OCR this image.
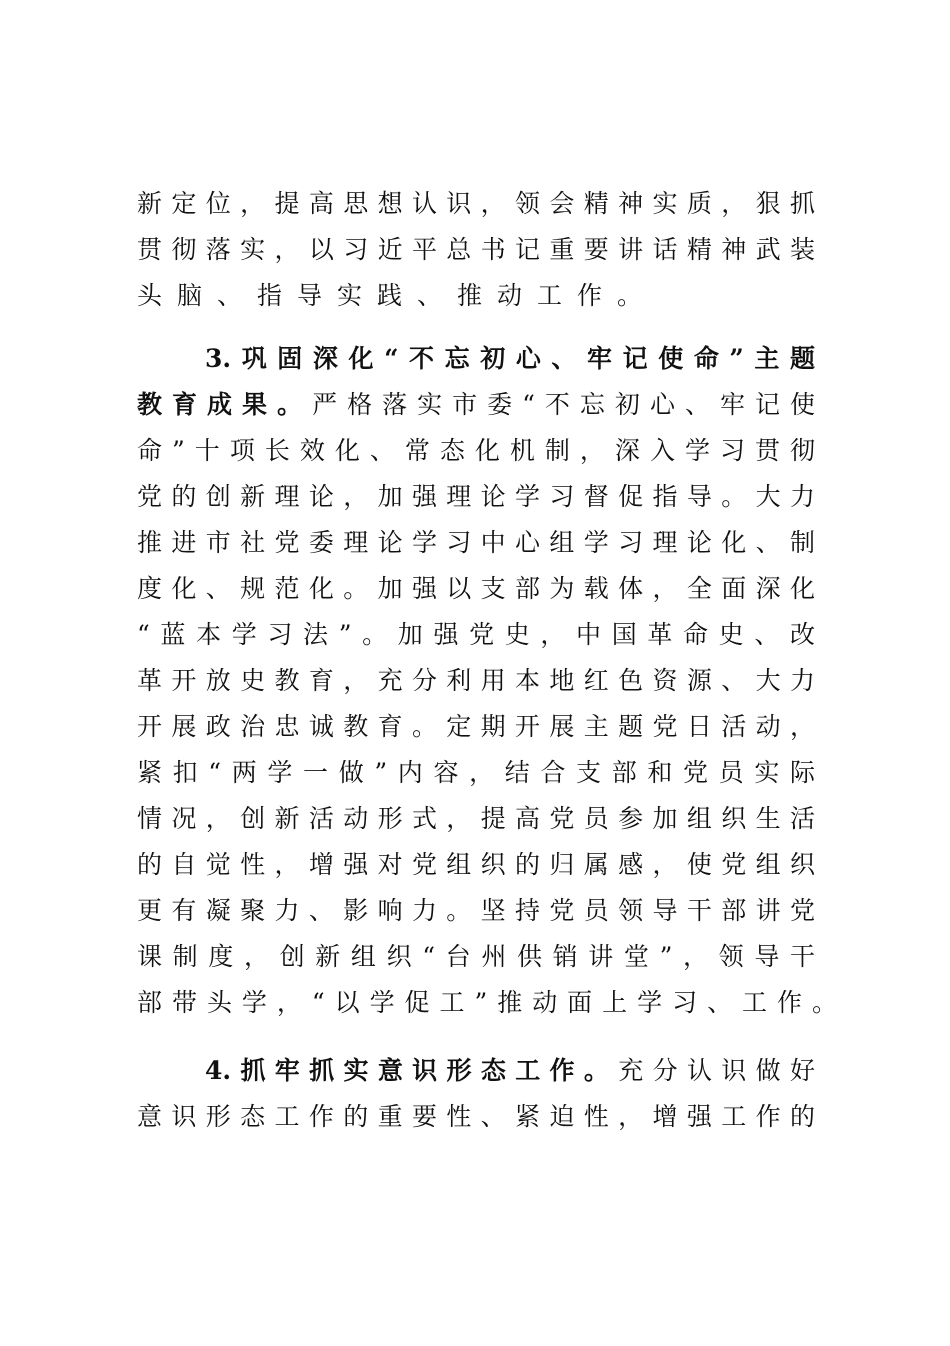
新定位，提高思想认识，领会精神实质，狠抓
贯彻落实，以习近平总书记重要讲话精神武装
头脑、指导实践、推动工作。
3.巩固深化“不忘初心、牢记使命”主题
教育成果。严格落实市委“不忘初心、牢记使
命”十项长效化、常态化机制，深入学习贯彻
党的创新理论，加强理论学习督促指导。大力
推进市社党委理论学习中心组学习理论化、制
度化、规范化。加强以支部为载体，全面深化
“蓝本学习法”。加强党史，中国革命史、改
革开放史教育，充分利用本地红色资源、大力
开展政治忠诚教育。定期开展主题党日活动，
紧扣“两学一做”内容，结合支部和党员实际
情况，创新活动形式，提高党员参加组织生活
的自觉性，增强对党组织的归属感，使党组织
更有凝聚力、影响力。坚持党员领导干部讲党
课制度，创新组织“台州供销讲堂”，领导干
部带头学，“以学促工”推动面上学习、工作。
4.抓牢抓实意识形态工作。充分认识做好
意识形态工作的重要性、紧迫性，增强工作的
